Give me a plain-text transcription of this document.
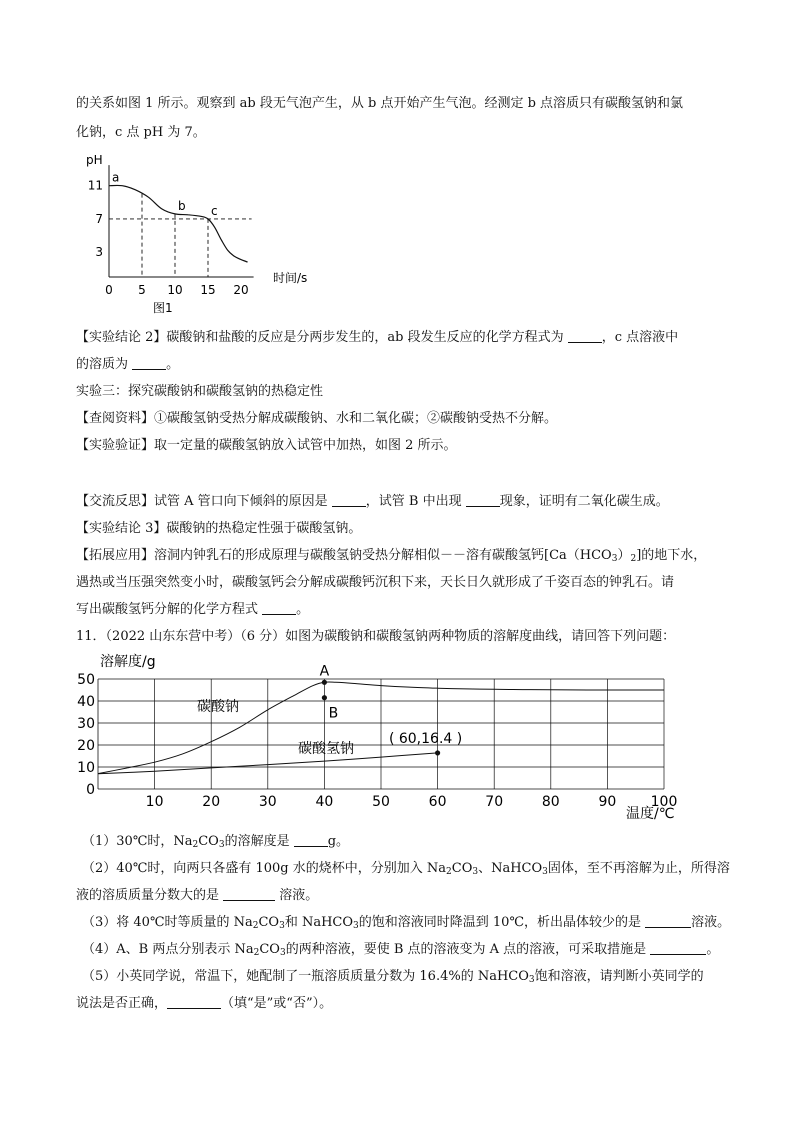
的关系如图 1 所示。观察到 ab 段无气泡产生，从 b 点开始产生气泡。经测定 b 点溶质只有碳酸氢钠和氯
化钠，c 点 pH 为 7。
0 5 10 15 20
3
7
11
a
b c
pH
时间/s
图1
【实验结论 2】碳酸钠和盐酸的反应是分两步发生的，ab 段发生反应的化学方程式为	，c 点溶液中
的溶质为	。
实验三：探究碳酸钠和碳酸氢钠的热稳定性
【查阅资料】①碳酸氢钠受热分解成碳酸钠、水和二氧化碳；②碳酸钠受热不分解。
【实验验证】取一定量的碳酸氢钠放入试管中加热，如图 2 所示。
【交流反思】试管 A 管口向下倾斜的原因是	，试管 B 中出现	现象，证明有二氧化碳生成。
【实验结论 3】碳酸钠的热稳定性强于碳酸氢钠。
【拓展应用】溶洞内钟乳石的形成原理与碳酸氢钠受热分解相似－－溶有碳酸氢钙$[Ca(HCO_3)_2]$的地下水，
遇热或当压强突然变小时，碳酸氢钙会分解成碳酸钙沉积下来，天长日久就形成了千姿百态的钟乳石。请
写出碳酸氢钙分解的化学方程式	。
11．（2022 山东东营中考）（6 分）如图为碳酸钠和碳酸氢钠两种物质的溶解度曲线，请回答下列问题：
0
10
20
30
40
50
10	20	30	40	50	60	70	80	90 100
A
B
( 60,16.4 )
溶解度/g
温度/℃
碳酸钠
碳酸氢钠
（1）30℃时，$Na_2CO_3$的溶解度是	g。
（2）40℃时，向两只各盛有 100g 水的烧杯中，分别加入 $Na_2CO_3$、NaHCO$_3$固体，至不再溶解为止，所得溶
液的溶质质量分数大的是	溶液。
（3）将 40℃时等质量的 $Na_2CO_3$和 NaHCO$_3$的饱和溶液同时降温到 10℃，析出晶体较少的是	溶液。
（4）A、B 两点分别表示 $Na_2CO_3$的两种溶液，要使 B 点的溶液变为 A 点的溶液，可采取措施是	。
（5）小英同学说，常温下，她配制了一瓶溶质质量分数为 16.4%的 NaHCO$_3$饱和溶液，请判断小英同学的
说法是否正确，	（填“是”或“否”）。
